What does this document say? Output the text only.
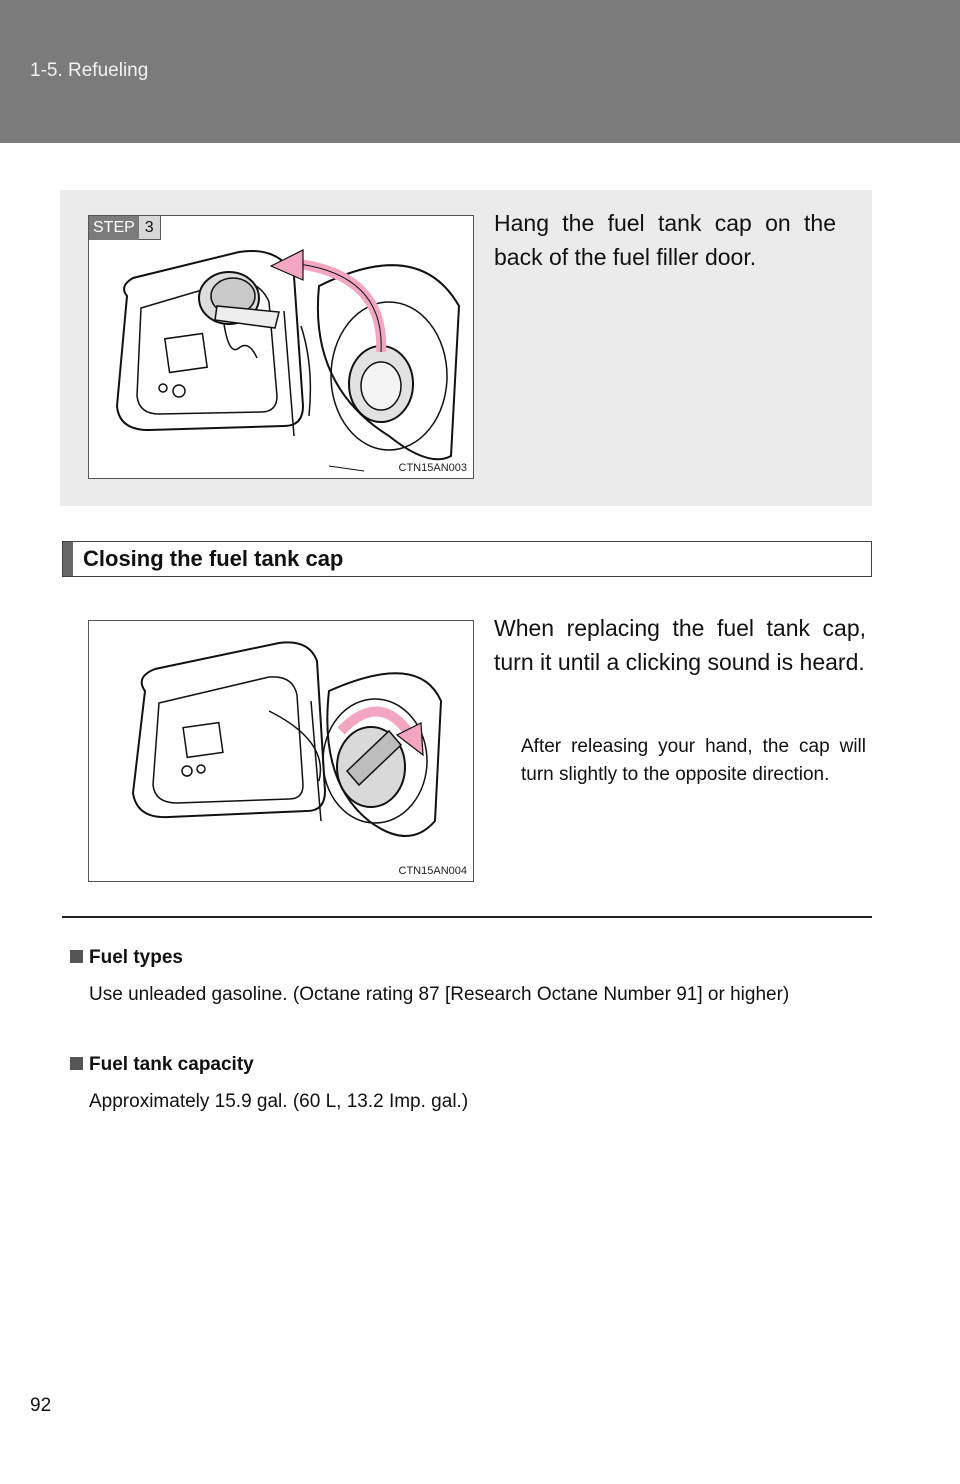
1-5. Refueling
STEP 3
CTN15AN003
Hang the fuel tank cap on the back of the fuel filler door.
Closing the fuel tank cap
CTN15AN004
When replacing the fuel tank cap, turn it until a clicking sound is heard.
After releasing your hand, the cap will turn slightly to the opposite direction.
Fuel types
Use unleaded gasoline. (Octane rating 87 [Research Octane Number 91] or higher)
Fuel tank capacity
Approximately 15.9 gal. (60 L, 13.2 Imp. gal.)
92
